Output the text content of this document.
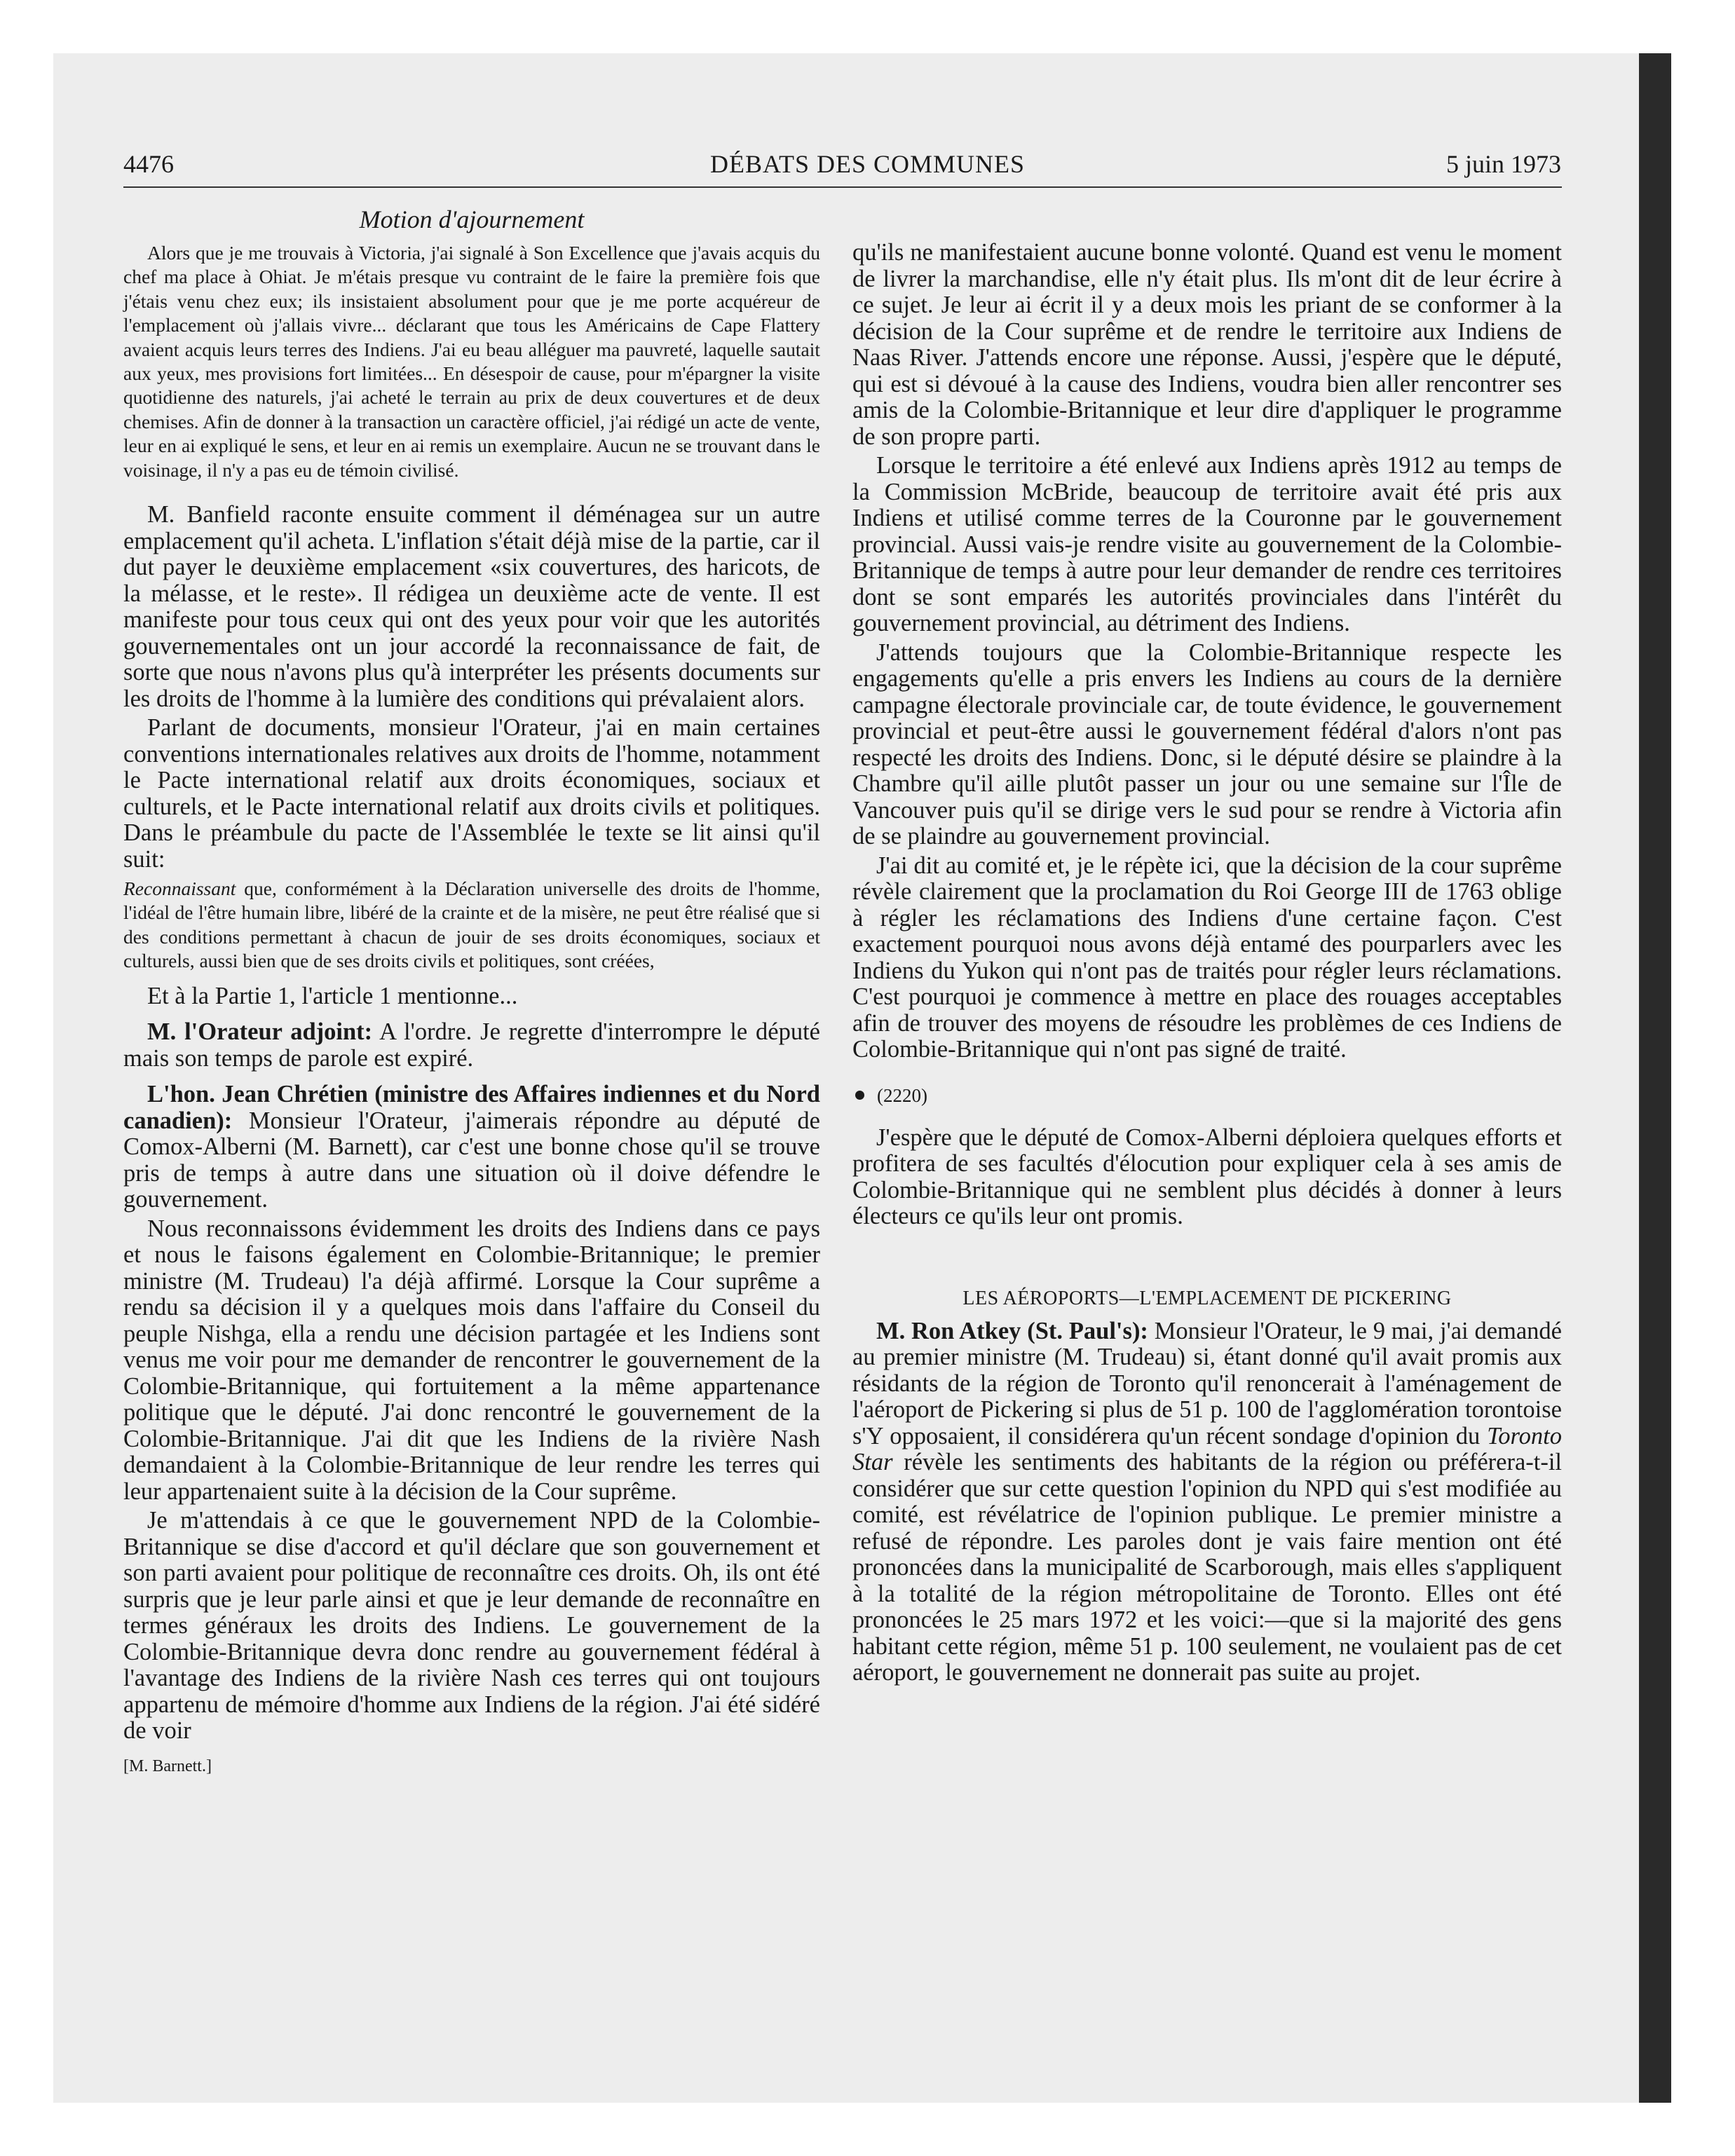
4476	DÉBATS DES COMMUNES	5 juin 1973

Motion d'ajournement

Alors que je me trouvais à Victoria, j'ai signalé à Son Excellence que j'avais acquis du chef ma place à Ohiat. Je m'étais presque vu contraint de le faire la première fois que j'étais venu chez eux; ils insistaient absolument pour que je me porte acquéreur de l'emplacement où j'allais vivre... déclarant que tous les Américains de Cape Flattery avaient acquis leurs terres des Indiens. J'ai eu beau alléguer ma pauvreté, laquelle sautait aux yeux, mes provisions fort limitées... En désespoir de cause, pour m'épargner la visite quotidienne des naturels, j'ai acheté le terrain au prix de deux couvertures et de deux chemises. Afin de donner à la transaction un caractère officiel, j'ai rédigé un acte de vente, leur en ai expliqué le sens, et leur en ai remis un exemplaire. Aucun ne se trouvant dans le voisinage, il n'y a pas eu de témoin civilisé.

M. Banfield raconte ensuite comment il déménagea sur un autre emplacement qu'il acheta. L'inflation s'était déjà mise de la partie, car il dut payer le deuxième emplacement «six couvertures, des haricots, de la mélasse, et le reste». Il rédigea un deuxième acte de vente. Il est manifeste pour tous ceux qui ont des yeux pour voir que les autorités gouvernementales ont un jour accordé la reconnaissance de fait, de sorte que nous n'avons plus qu'à interpréter les présents documents sur les droits de l'homme à la lumière des conditions qui prévalaient alors.

Parlant de documents, monsieur l'Orateur, j'ai en main certaines conventions internationales relatives aux droits de l'homme, notamment le Pacte international relatif aux droits économiques, sociaux et culturels, et le Pacte international relatif aux droits civils et politiques. Dans le préambule du pacte de l'Assemblée le texte se lit ainsi qu'il suit:

Reconnaissant que, conformément à la Déclaration universelle des droits de l'homme, l'idéal de l'être humain libre, libéré de la crainte et de la misère, ne peut être réalisé que si des conditions permettant à chacun de jouir de ses droits économiques, sociaux et culturels, aussi bien que de ses droits civils et politiques, sont créées,

Et à la Partie 1, l'article 1 mentionne...

M. l'Orateur adjoint: A l'ordre. Je regrette d'interrompre le député mais son temps de parole est expiré.

L'hon. Jean Chrétien (ministre des Affaires indiennes et du Nord canadien): Monsieur l'Orateur, j'aimerais répondre au député de Comox-Alberni (M. Barnett), car c'est une bonne chose qu'il se trouve pris de temps à autre dans une situation où il doive défendre le gouvernement.

Nous reconnaissons évidemment les droits des Indiens dans ce pays et nous le faisons également en Colombie-Britannique; le premier ministre (M. Trudeau) l'a déjà affirmé. Lorsque la Cour suprême a rendu sa décision il y a quelques mois dans l'affaire du Conseil du peuple Nishga, ella a rendu une décision partagée et les Indiens sont venus me voir pour me demander de rencontrer le gouvernement de la Colombie-Britannique, qui fortuitement a la même appartenance politique que le député. J'ai donc rencontré le gouvernement de la Colombie-Britannique. J'ai dit que les Indiens de la rivière Nash demandaient à la Colombie-Britannique de leur rendre les terres qui leur appartenaient suite à la décision de la Cour suprême.

Je m'attendais à ce que le gouvernement NPD de la Colombie-Britannique se dise d'accord et qu'il déclare que son gouvernement et son parti avaient pour politique de reconnaître ces droits. Oh, ils ont été surpris que je leur parle ainsi et que je leur demande de reconnaître en termes généraux les droits des Indiens. Le gouvernement de la Colombie-Britannique devra donc rendre au gouvernement fédéral à l'avantage des Indiens de la rivière Nash ces terres qui ont toujours appartenu de mémoire d'homme aux Indiens de la région. J'ai été sidéré de voir

[M. Barnett.]

qu'ils ne manifestaient aucune bonne volonté. Quand est venu le moment de livrer la marchandise, elle n'y était plus. Ils m'ont dit de leur écrire à ce sujet. Je leur ai écrit il y a deux mois les priant de se conformer à la décision de la Cour suprême et de rendre le territoire aux Indiens de Naas River. J'attends encore une réponse. Aussi, j'espère que le député, qui est si dévoué à la cause des Indiens, voudra bien aller rencontrer ses amis de la Colombie-Britannique et leur dire d'appliquer le programme de son propre parti.

Lorsque le territoire a été enlevé aux Indiens après 1912 au temps de la Commission McBride, beaucoup de territoire avait été pris aux Indiens et utilisé comme terres de la Couronne par le gouvernement provincial. Aussi vais-je rendre visite au gouvernement de la Colombie-Britannique de temps à autre pour leur demander de rendre ces territoires dont se sont emparés les autorités provinciales dans l'intérêt du gouvernement provincial, au détriment des Indiens.

J'attends toujours que la Colombie-Britannique respecte les engagements qu'elle a pris envers les Indiens au cours de la dernière campagne électorale provinciale car, de toute évidence, le gouvernement provincial et peut-être aussi le gouvernement fédéral d'alors n'ont pas respecté les droits des Indiens. Donc, si le député désire se plaindre à la Chambre qu'il aille plutôt passer un jour ou une semaine sur l'Île de Vancouver puis qu'il se dirige vers le sud pour se rendre à Victoria afin de se plaindre au gouvernement provincial.

J'ai dit au comité et, je le répète ici, que la décision de la cour suprême révèle clairement que la proclamation du Roi George III de 1763 oblige à régler les réclamations des Indiens d'une certaine façon. C'est exactement pourquoi nous avons déjà entamé des pourparlers avec les Indiens du Yukon qui n'ont pas de traités pour régler leurs réclamations. C'est pourquoi je commence à mettre en place des rouages acceptables afin de trouver des moyens de résoudre les problèmes de ces Indiens de Colombie-Britannique qui n'ont pas signé de traité.

(2220)

J'espère que le député de Comox-Alberni déploiera quelques efforts et profitera de ses facultés d'élocution pour expliquer cela à ses amis de Colombie-Britannique qui ne semblent plus décidés à donner à leurs électeurs ce qu'ils leur ont promis.

LES AÉROPORTS—L'EMPLACEMENT DE PICKERING

M. Ron Atkey (St. Paul's): Monsieur l'Orateur, le 9 mai, j'ai demandé au premier ministre (M. Trudeau) si, étant donné qu'il avait promis aux résidants de la région de Toronto qu'il renoncerait à l'aménagement de l'aéroport de Pickering si plus de 51 p. 100 de l'agglomération torontoise s'Y opposaient, il considérera qu'un récent sondage d'opinion du Toronto Star révèle les sentiments des habitants de la région ou préférera-t-il considérer que sur cette question l'opinion du NPD qui s'est modifiée au comité, est révélatrice de l'opinion publique. Le premier ministre a refusé de répondre. Les paroles dont je vais faire mention ont été prononcées dans la municipalité de Scarborough, mais elles s'appliquent à la totalité de la région métropolitaine de Toronto. Elles ont été prononcées le 25 mars 1972 et les voici:—que si la majorité des gens habitant cette région, même 51 p. 100 seulement, ne voulaient pas de cet aéroport, le gouvernement ne donnerait pas suite au projet.
